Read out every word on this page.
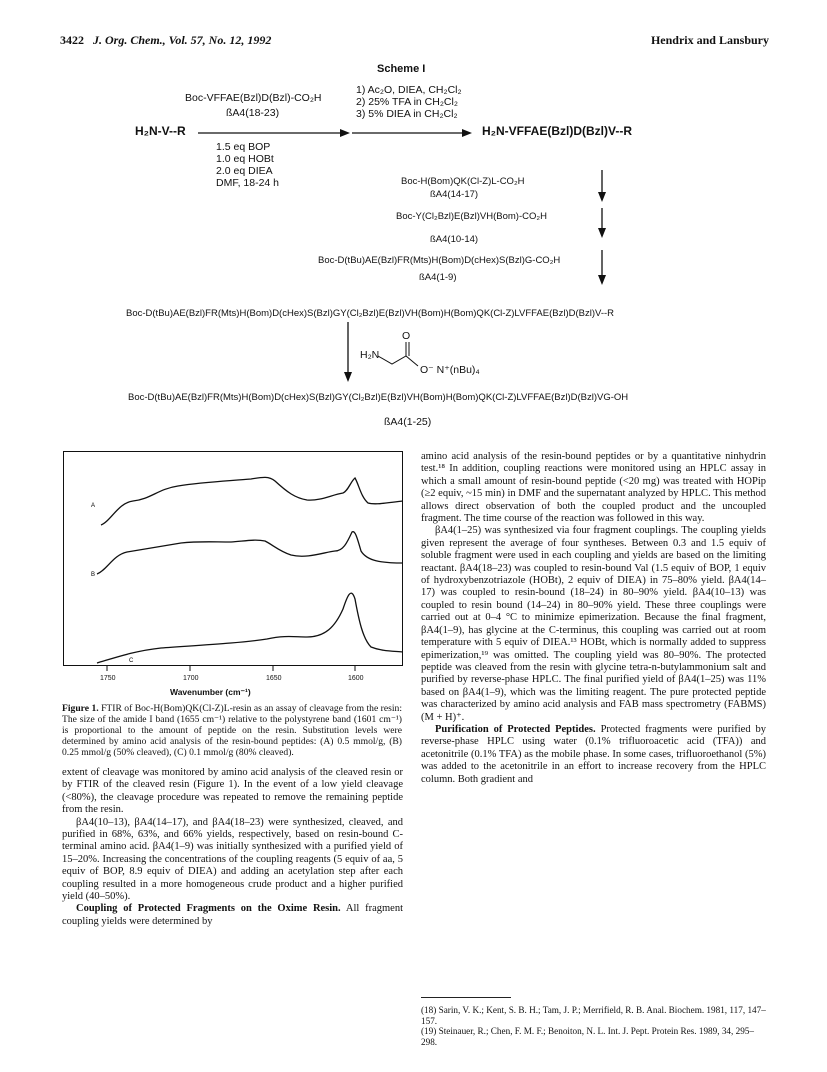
3422 J. Org. Chem., Vol. 57, No. 12, 1992	Hendrix and Lansbury
Scheme I
Boc-VFFAE(Bzl)D(Bzl)-CO₂H
ßA4(18-23)
H₂N-V--R
1.5 eq BOP
1.0 eq HOBt
2.0 eq DIEA
DMF, 18-24 h
1) Ac₂O, DIEA, CH₂Cl₂
2) 25% TFA in CH₂Cl₂
3) 5% DIEA in CH₂Cl₂
H₂N-VFFAE(Bzl)D(Bzl)V--R
Boc-H(Bom)QK(Cl-Z)L-CO₂H
ßA4(14-17)
Boc-Y(Cl₂Bzl)E(Bzl)VH(Bom)-CO₂H
ßA4(10-14)
Boc-D(tBu)AE(Bzl)FR(Mts)H(Bom)D(cHex)S(Bzl)G-CO₂H
ßA4(1-9)
Boc-D(tBu)AE(Bzl)FR(Mts)H(Bom)D(cHex)S(Bzl)GY(Cl₂Bzl)E(Bzl)VH(Bom)H(Bom)QK(Cl-Z)LVFFAE(Bzl)D(Bzl)V--R
H₂N
O
O⁻ N⁺(nBu)₄
Boc-D(tBu)AE(Bzl)FR(Mts)H(Bom)D(cHex)S(Bzl)GY(Cl₂Bzl)E(Bzl)VH(Bom)H(Bom)QK(Cl-Z)LVFFAE(Bzl)D(Bzl)VG-OH
ßA4(1-25)
A
B
C
1750	1700	1650	1600
Wavenumber (cm⁻¹)
Figure 1. FTIR of Boc-H(Bom)QK(Cl-Z)L-resin as an assay of cleavage from the resin: The size of the amide I band (1655 cm⁻¹) relative to the polystyrene band (1601 cm⁻¹) is proportional to the amount of peptide on the resin. Substitution levels were determined by amino acid analysis of the resin-bound peptides: (A) 0.5 mmol/g, (B) 0.25 mmol/g (50% cleaved), (C) 0.1 mmol/g (80% cleaved).

extent of cleavage was monitored by amino acid analysis of the cleaved resin or by FTIR of the cleaved resin (Figure 1). In the event of a low yield cleavage (<80%), the cleavage procedure was repeated to remove the remaining peptide from the resin.

βA4(10–13), βA4(14–17), and βA4(18–23) were synthesized, cleaved, and purified in 68%, 63%, and 66% yields, respectively, based on resin-bound C-terminal amino acid. βA4(1–9) was initially synthesized with a purified yield of 15–20%. Increasing the concentrations of the coupling reagents (5 equiv of aa, 5 equiv of BOP, 8.9 equiv of DIEA) and adding an acetylation step after each coupling resulted in a more homogeneous crude product and a higher purified yield (40–50%).

Coupling of Protected Fragments on the Oxime Resin. All fragment coupling yields were determined by

amino acid analysis of the resin-bound peptides or by a quantitative ninhydrin test.¹⁸ In addition, coupling reactions were monitored using an HPLC assay in which a small amount of resin-bound peptide (<20 mg) was treated with HOPip (≥2 equiv, ~15 min) in DMF and the supernatant analyzed by HPLC. This method allows direct observation of both the coupled product and the uncoupled fragment. The time course of the reaction was followed in this way.

βA4(1–25) was synthesized via four fragment couplings. The coupling yields given represent the average of four syntheses. Between 0.3 and 1.5 equiv of soluble fragment were used in each coupling and yields are based on the limiting reactant. βA4(18–23) was coupled to resin-bound Val (1.5 equiv of BOP, 1 equiv of hydroxybenzotriazole (HOBt), 2 equiv of DIEA) in 75–80% yield. βA4(14–17) was coupled to resin-bound (18–24) in 80–90% yield. βA4(10–13) was coupled to resin bound (14–24) in 80–90% yield. These three couplings were carried out at 0–4 °C to minimize epimerization. Because the final fragment, βA4(1–9), has glycine at the C-terminus, this coupling was carried out at room temperature with 5 equiv of DIEA.¹³ HOBt, which is normally added to suppress epimerization,¹⁹ was omitted. The coupling yield was 80–90%. The protected peptide was cleaved from the resin with glycine tetra-n-butylammonium salt and purified by reverse-phase HPLC. The final purified yield of βA4(1–25) was 11% based on βA4(1–9), which was the limiting reagent. The pure protected peptide was characterized by amino acid analysis and FAB mass spectrometry (FABMS) (M + H)⁺.

Purification of Protected Peptides. Protected fragments were purified by reverse-phase HPLC using water (0.1% trifluoroacetic acid (TFA)) and acetonitrile (0.1% TFA) as the mobile phase. In some cases, trifluoroethanol (5%) was added to the acetonitrile in an effort to increase recovery from the HPLC column. Both gradient and

(18) Sarin, V. K.; Kent, S. B. H.; Tam, J. P.; Merrifield, R. B. Anal. Biochem. 1981, 117, 147–157.
(19) Steinauer, R.; Chen, F. M. F.; Benoiton, N. L. Int. J. Pept. Protein Res. 1989, 34, 295–298.
